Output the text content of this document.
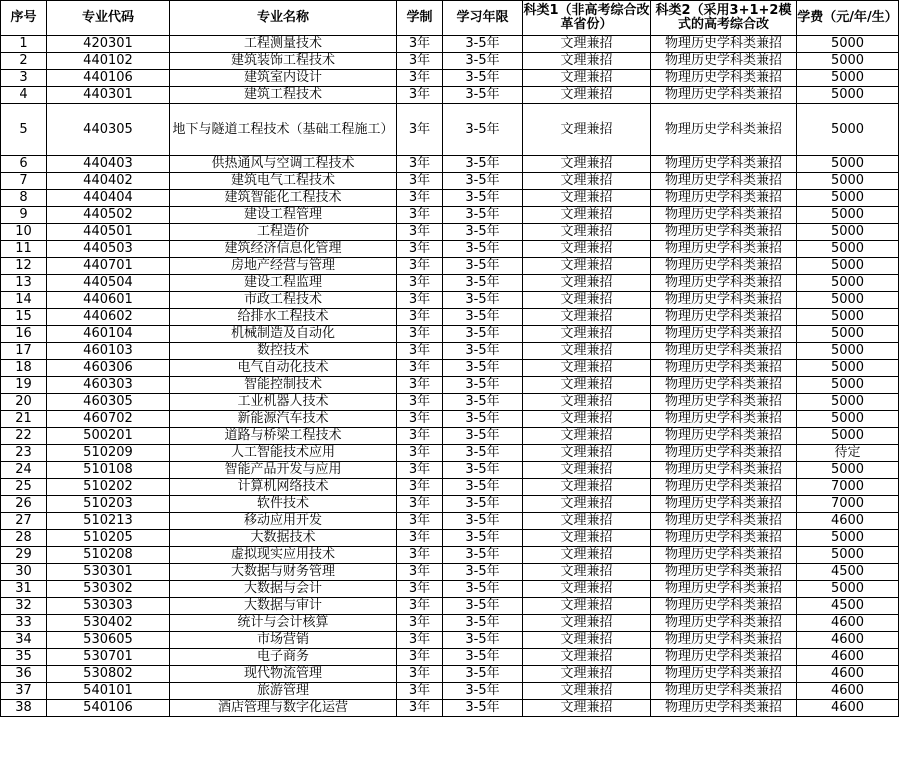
序号	专业代码	专业名称	学制	学习年限	科类1（非高考综合改革省份）	科类2（采用3+1+2模式的高考综合改	学费（元/年/生）
1	420301	工程测量技术	3年	3-5年	文理兼招	物理历史学科类兼招	5000
2	440102	建筑装饰工程技术	3年	3-5年	文理兼招	物理历史学科类兼招	5000
3	440106	建筑室内设计	3年	3-5年	文理兼招	物理历史学科类兼招	5000
4	440301	建筑工程技术	3年	3-5年	文理兼招	物理历史学科类兼招	5000
5	440305	地下与隧道工程技术（基础工程施工）	3年	3-5年	文理兼招	物理历史学科类兼招	5000
6	440403	供热通风与空调工程技术	3年	3-5年	文理兼招	物理历史学科类兼招	5000
7	440402	建筑电气工程技术	3年	3-5年	文理兼招	物理历史学科类兼招	5000
8	440404	建筑智能化工程技术	3年	3-5年	文理兼招	物理历史学科类兼招	5000
9	440502	建设工程管理	3年	3-5年	文理兼招	物理历史学科类兼招	5000
10	440501	工程造价	3年	3-5年	文理兼招	物理历史学科类兼招	5000
11	440503	建筑经济信息化管理	3年	3-5年	文理兼招	物理历史学科类兼招	5000
12	440701	房地产经营与管理	3年	3-5年	文理兼招	物理历史学科类兼招	5000
13	440504	建设工程监理	3年	3-5年	文理兼招	物理历史学科类兼招	5000
14	440601	市政工程技术	3年	3-5年	文理兼招	物理历史学科类兼招	5000
15	440602	给排水工程技术	3年	3-5年	文理兼招	物理历史学科类兼招	5000
16	460104	机械制造及自动化	3年	3-5年	文理兼招	物理历史学科类兼招	5000
17	460103	数控技术	3年	3-5年	文理兼招	物理历史学科类兼招	5000
18	460306	电气自动化技术	3年	3-5年	文理兼招	物理历史学科类兼招	5000
19	460303	智能控制技术	3年	3-5年	文理兼招	物理历史学科类兼招	5000
20	460305	工业机器人技术	3年	3-5年	文理兼招	物理历史学科类兼招	5000
21	460702	新能源汽车技术	3年	3-5年	文理兼招	物理历史学科类兼招	5000
22	500201	道路与桥梁工程技术	3年	3-5年	文理兼招	物理历史学科类兼招	5000
23	510209	人工智能技术应用	3年	3-5年	文理兼招	物理历史学科类兼招	待定
24	510108	智能产品开发与应用	3年	3-5年	文理兼招	物理历史学科类兼招	5000
25	510202	计算机网络技术	3年	3-5年	文理兼招	物理历史学科类兼招	7000
26	510203	软件技术	3年	3-5年	文理兼招	物理历史学科类兼招	7000
27	510213	移动应用开发	3年	3-5年	文理兼招	物理历史学科类兼招	4600
28	510205	大数据技术	3年	3-5年	文理兼招	物理历史学科类兼招	5000
29	510208	虚拟现实应用技术	3年	3-5年	文理兼招	物理历史学科类兼招	5000
30	530301	大数据与财务管理	3年	3-5年	文理兼招	物理历史学科类兼招	4500
31	530302	大数据与会计	3年	3-5年	文理兼招	物理历史学科类兼招	5000
32	530303	大数据与审计	3年	3-5年	文理兼招	物理历史学科类兼招	4500
33	530402	统计与会计核算	3年	3-5年	文理兼招	物理历史学科类兼招	4600
34	530605	市场营销	3年	3-5年	文理兼招	物理历史学科类兼招	4600
35	530701	电子商务	3年	3-5年	文理兼招	物理历史学科类兼招	4600
36	530802	现代物流管理	3年	3-5年	文理兼招	物理历史学科类兼招	4600
37	540101	旅游管理	3年	3-5年	文理兼招	物理历史学科类兼招	4600
38	540106	酒店管理与数字化运营	3年	3-5年	文理兼招	物理历史学科类兼招	4600
